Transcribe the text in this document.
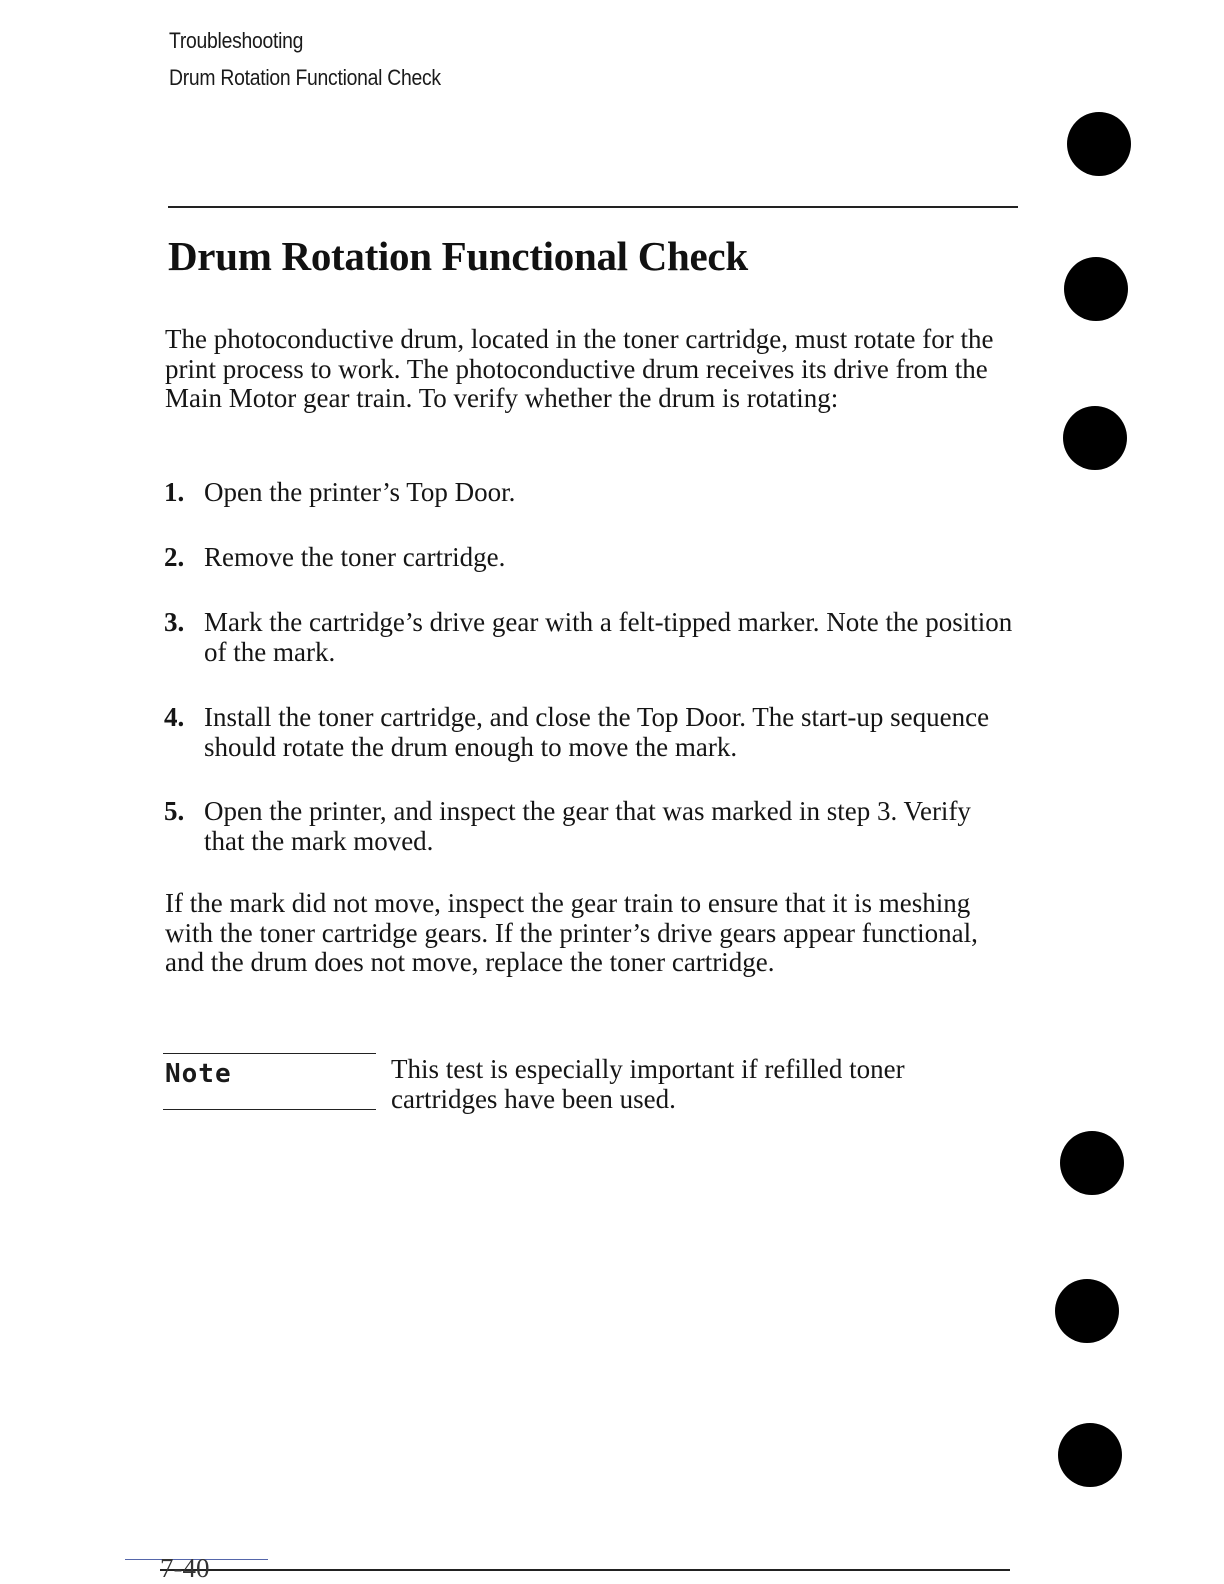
Troubleshooting
Drum Rotation Functional Check
Drum Rotation Functional Check

The photoconductive drum, located in the toner cartridge, must rotate for the print process to work. The photoconductive drum receives its drive from the Main Motor gear train. To verify whether the drum is rotating:

1. Open the printer’s Top Door.
2. Remove the toner cartridge.
3. Mark the cartridge’s drive gear with a felt-tipped marker. Note the position of the mark.
4. Install the toner cartridge, and close the Top Door. The start-up sequence should rotate the drum enough to move the mark.
5. Open the printer, and inspect the gear that was marked in step 3. Verify that the mark moved.

If the mark did not move, inspect the gear train to ensure that it is meshing with the toner cartridge gears. If the printer’s drive gears appear functional, and the drum does not move, replace the toner cartridge.

Note	This test is especially important if refilled toner cartridges have been used.

7-40
